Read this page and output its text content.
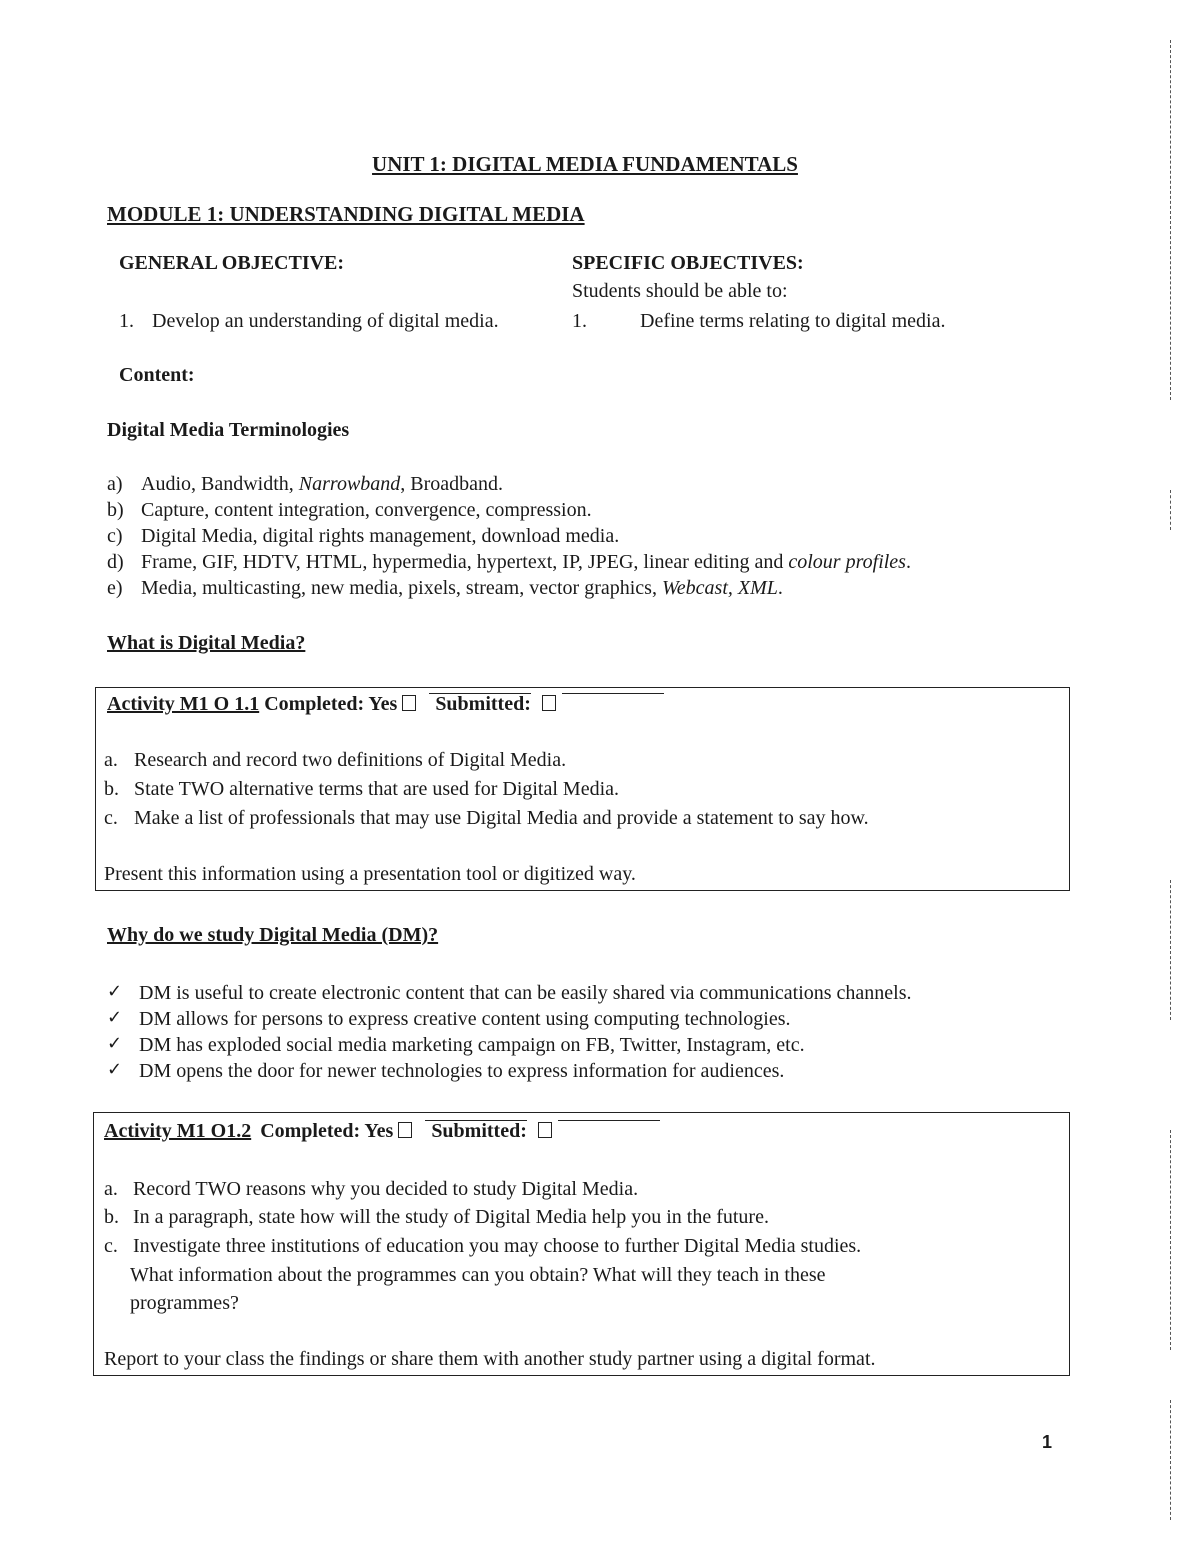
UNIT 1: DIGITAL MEDIA FUNDAMENTALS
MODULE 1: UNDERSTANDING DIGITAL MEDIA
GENERAL OBJECTIVE:	SPECIFIC OBJECTIVES:
Students should be able to:
1. Develop an understanding of digital media.	1.	Define terms relating to digital media.
Content:
Digital Media Terminologies
a) Audio, Bandwidth, Narrowband, Broadband.
b) Capture, content integration, convergence, compression.
c) Digital Media, digital rights management, download media.
d) Frame, GIF, HDTV, HTML, hypermedia, hypertext, IP, JPEG, linear editing and colour profiles.
e) Media, multicasting, new media, pixels, stream, vector graphics, Webcast, XML.
What is Digital Media?
Activity M1 O 1.1 Completed: Yes Submitted:
a. Research and record two definitions of Digital Media.
b. State TWO alternative terms that are used for Digital Media.
c. Make a list of professionals that may use Digital Media and provide a statement to say how.
Present this information using a presentation tool or digitized way.
Why do we study Digital Media (DM)?
✓ DM is useful to create electronic content that can be easily shared via communications channels.
✓ DM allows for persons to express creative content using computing technologies.
✓ DM has exploded social media marketing campaign on FB, Twitter, Instagram, etc.
✓ DM opens the door for newer technologies to express information for audiences.
Activity M1 O1.2 Completed: Yes Submitted:
a. Record TWO reasons why you decided to study Digital Media.
b. In a paragraph, state how will the study of Digital Media help you in the future.
c. Investigate three institutions of education you may choose to further Digital Media studies.
What information about the programmes can you obtain? What will they teach in these
programmes?
Report to your class the findings or share them with another study partner using a digital format.
1
